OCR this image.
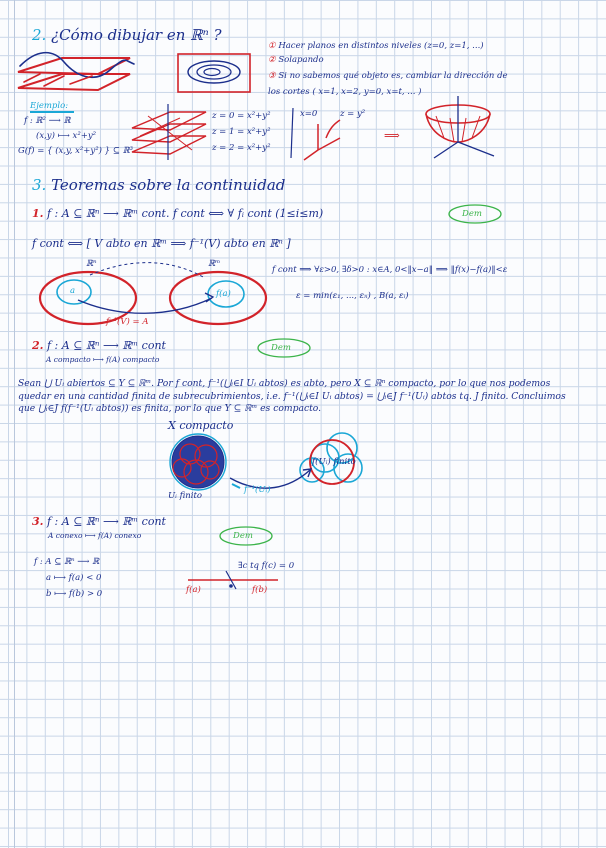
2. ¿Cómo dibujar en ℝⁿ ?
① Hacer planos en distintos niveles (z=0, z=1, ...)
② Solapando
③ Si no sabemos qué objeto es, cambiar la dirección de
los cortes ( x=1, x=2, y=0, x=t, ... )
Ejemplo:
f : ℝ² ⟶ ℝ
(x,y) ⟼ x²+y²
G(f) = { (x,y, x²+y²) } ⊆ ℝ³
z = 0 = x²+y²
z = 1 = x²+y²
z = 2 = x²+y²
x=0	z = y²
⟹
3. Teoremas sobre la continuidad
1. f : A ⊆ ℝⁿ ⟶ ℝᵐ cont. f cont ⟺ ∀ fᵢ cont (1≤i≤m)	Dem
f cont ⟺ [ V abto en ℝᵐ ⟹ f⁻¹(V) abto en ℝⁿ ]
ℝⁿ	ℝᵐ
a	f(a)
f⁻¹(V) = A
f cont ⟹ ∀ε>0, ∃δ>0 : x∈A, 0<‖x−a‖ ⟹ ‖f(x)−f(a)‖<ε
ε = min(ε₁, ..., εₙ) , B(a, εᵢ)
2. f : A ⊆ ℝⁿ ⟶ ℝᵐ cont
A compacto ⟼ f(A) compacto
Dem
Sean ⋃ Uᵢ abiertos ⊆ Y ⊆ ℝᵐ. Por f cont, f⁻¹(⋃ᵢ∈I Uᵢ abtos) es abto, pero X ⊆ ℝⁿ compacto, por lo que nos podemos quedar en una cantidad finita de subrecubrimientos, i.e. f⁻¹(⋃ᵢ∈I Uᵢ abtos) = ⋃ᵢ∈J f⁻¹(Uᵢ) abtos tq. J finito. Concluimos que ⋃ᵢ∈J f(f⁻¹(Uᵢ abtos)) es finita, por lo que Y ⊆ ℝᵐ es compacto.
X compacto
f(Uᵢ) finito
f⁻¹(Uᵢ)
Uᵢ finito
3. f : A ⊆ ℝⁿ ⟶ ℝᵐ cont
A conexo ⟼ f(A) conexo	Dem
f : A ⊆ ℝⁿ ⟶ ℝ
a ⟼ f(a) < 0
b ⟼ f(b) > 0
∃c tq f(c) = 0
f(a)	f(b)
